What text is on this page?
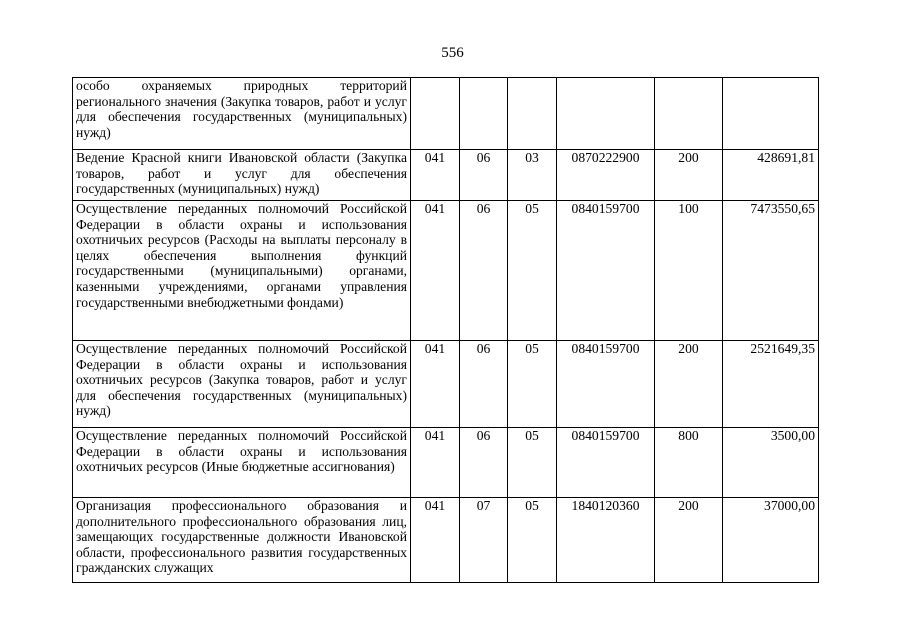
556
особо охраняемых природных территорий регионального значения (Закупка товаров, работ и услуг для обеспечения государственных (муниципальных) нужд)						
Ведение Красной книги Ивановской области (Закупка товаров, работ и услуг для обеспечения государственных (муниципальных) нужд)	041	06	03	0870222900	200	428691,81
Осуществление переданных полномочий Российской Федерации в области охраны и использования охотничьих ресурсов (Расходы на выплаты персоналу в целях обеспечения выполнения функций государственными (муниципальными) органами, казенными учреждениями, органами управления государственными внебюджетными фондами)	041	06	05	0840159700	100	7473550,65
Осуществление переданных полномочий Российской Федерации в области охраны и использования охотничьих ресурсов (Закупка товаров, работ и услуг для обеспечения государственных (муниципальных) нужд)	041	06	05	0840159700	200	2521649,35
Осуществление переданных полномочий Российской Федерации в области охраны и использования охотничьих ресурсов (Иные бюджетные ассигнования)	041	06	05	0840159700	800	3500,00
Организация профессионального образования и дополнительного профессионального образования лиц, замещающих государственные должности Ивановской области, профессионального развития государственных гражданских служащих	041	07	05	1840120360	200	37000,00
